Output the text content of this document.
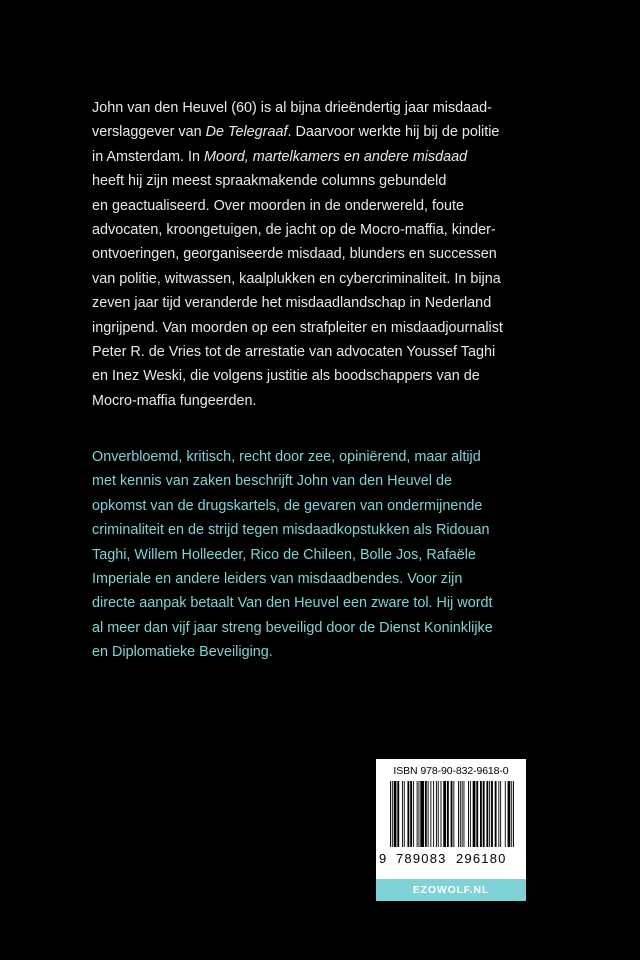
John van den Heuvel (60) is al bijna drieëndertig jaar misdaad-
verslaggever van De Telegraaf. Daarvoor werkte hij bij de politie
in Amsterdam. In Moord, martelkamers en andere misdaad
heeft hij zijn meest spraakmakende columns gebundeld
en geactualiseerd. Over moorden in de onderwereld, foute
advocaten, kroongetuigen, de jacht op de Mocro-maffia, kinder-
ontvoeringen, georganiseerde misdaad, blunders en successen
van politie, witwassen, kaalplukken en cybercriminaliteit. In bijna
zeven jaar tijd veranderde het misdaadlandschap in Nederland
ingrijpend. Van moorden op een strafpleiter en misdaadjournalist
Peter R. de Vries tot de arrestatie van advocaten Youssef Taghi
en Inez Weski, die volgens justitie als boodschappers van de
Mocro-maffia fungeerden.

Onverbloemd, kritisch, recht door zee, opiniërend, maar altijd
met kennis van zaken beschrijft John van den Heuvel de
opkomst van de drugskartels, de gevaren van ondermijnende
criminaliteit en de strijd tegen misdaadkopstukken als Ridouan
Taghi, Willem Holleeder, Rico de Chileen, Bolle Jos, Rafaële
Imperiale en andere leiders van misdaadbendes. Voor zijn
directe aanpak betaalt Van den Heuvel een zware tol. Hij wordt
al meer dan vijf jaar streng beveiligd door de Dienst Koninklijke
en Diplomatieke Beveiliging.

ISBN 978-90-832-9618-0
9 789083 296180
EZOWOLF.NL
